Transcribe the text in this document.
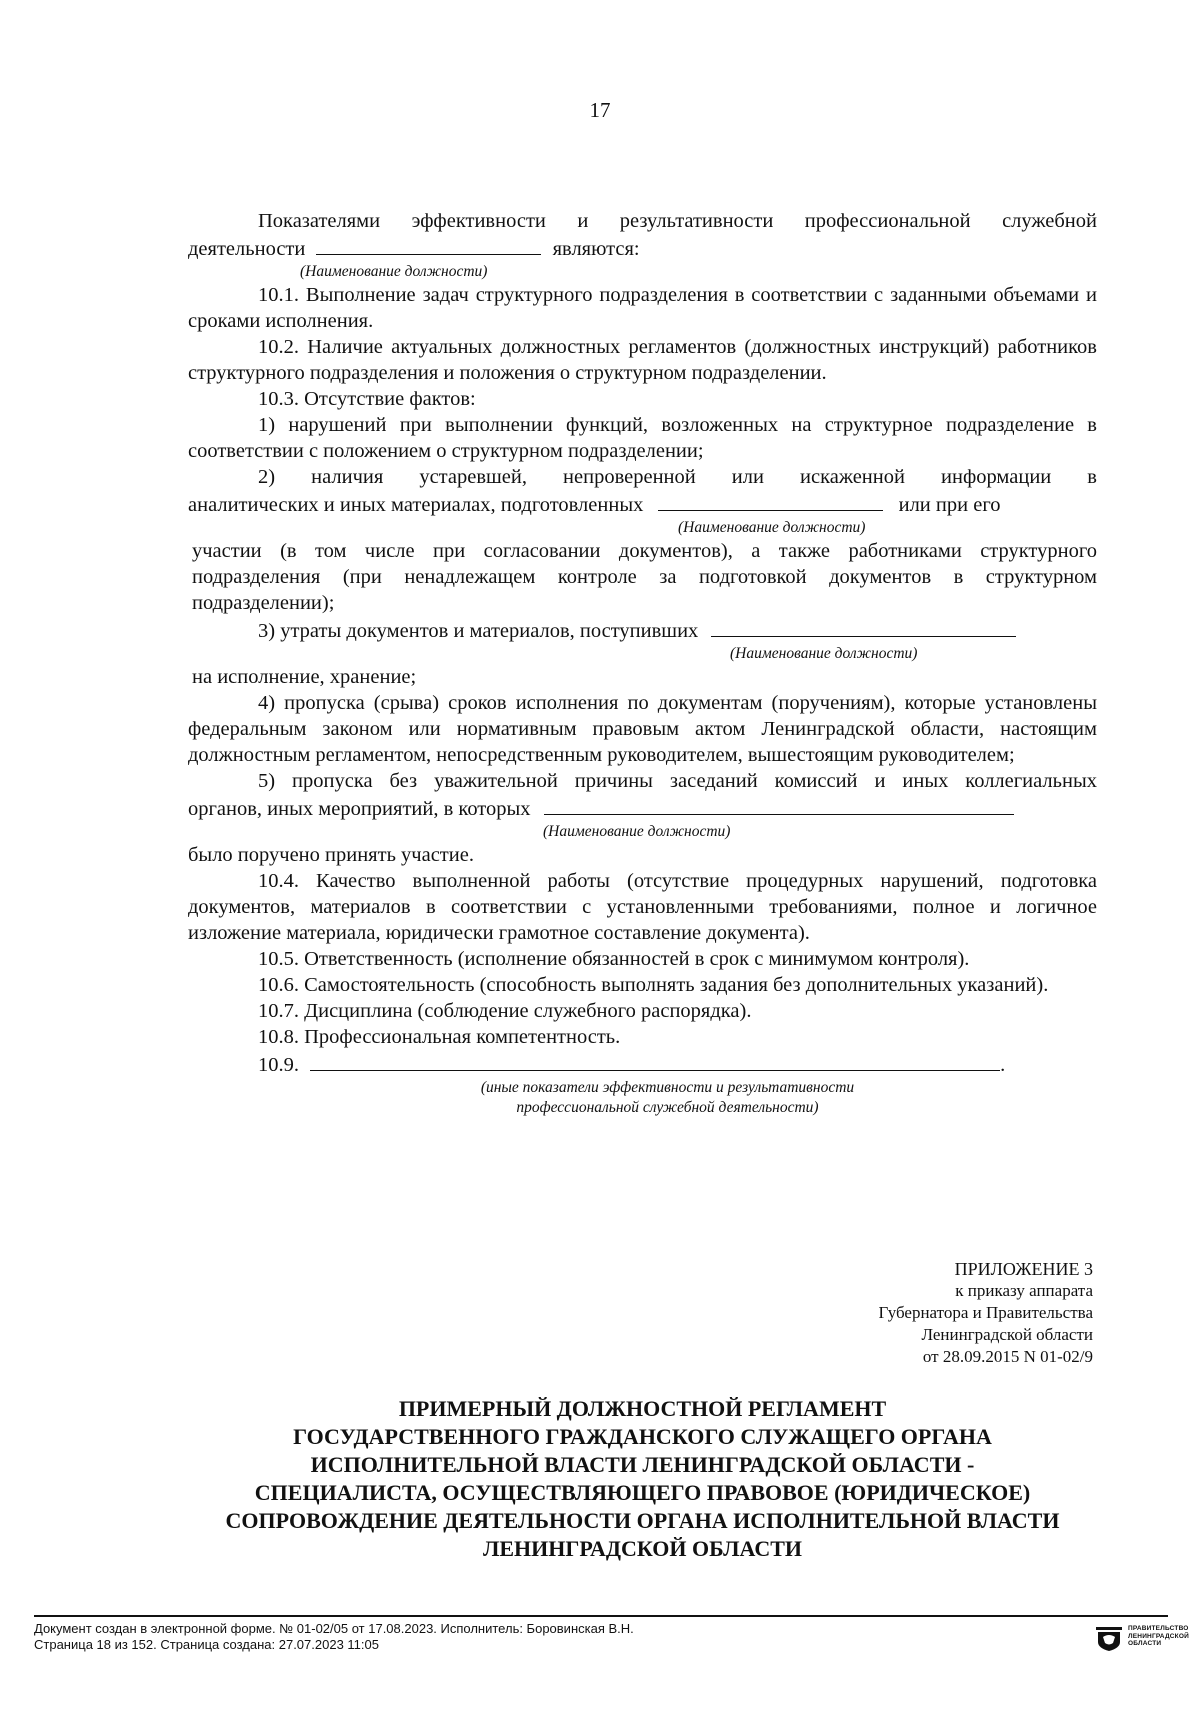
17

Показателями эффективности и результативности профессиональной служебной

деятельности	являются:

(Наименование должности)

10.1. Выполнение задач структурного подразделения в соответствии с заданными объемами и сроками исполнения.

10.2. Наличие актуальных должностных регламентов (должностных инструкций) работников структурного подразделения и положения о структурном подразделении.

10.3. Отсутствие фактов:

1) нарушений при выполнении функций, возложенных на структурное подразделение в соответствии с положением о структурном подразделении;

2) наличия устаревшей, непроверенной или искаженной информации в

аналитических и иных материалах, подготовленных	или при его

(Наименование должности)

участии (в том числе при согласовании документов), а также работниками структурного подразделения (при ненадлежащем контроле за подготовкой документов в структурном подразделении);

3) утраты документов и материалов, поступивших

(Наименование должности)

на исполнение, хранение;

4) пропуска (срыва) сроков исполнения по документам (поручениям), которые установлены федеральным законом или нормативным правовым актом Ленинградской области, настоящим должностным регламентом, непосредственным руководителем, вышестоящим руководителем;

5) пропуска без уважительной причины заседаний комиссий и иных коллегиальных

органов, иных мероприятий, в которых

(Наименование должности)

было поручено принять участие.

10.4. Качество выполненной работы (отсутствие процедурных нарушений, подготовка документов, материалов в соответствии с установленными требованиями, полное и логичное изложение материала, юридически грамотное составление документа).

10.5. Ответственность (исполнение обязанностей в срок с минимумом контроля).

10.6. Самостоятельность (способность выполнять задания без дополнительных указаний).

10.7. Дисциплина (соблюдение служебного распорядка).

10.8. Профессиональная компетентность.

10.9.	.

(иные показатели эффективности и результативности

профессиональной служебной деятельности)

ПРИЛОЖЕНИЕ 3
к приказу аппарата
Губернатора и Правительства
Ленинградской области
от 28.09.2015 N 01-02/9
ПРИМЕРНЫЙ ДОЛЖНОСТНОЙ РЕГЛАМЕНТ
ГОСУДАРСТВЕННОГО ГРАЖДАНСКОГО СЛУЖАЩЕГО ОРГАНА
ИСПОЛНИТЕЛЬНОЙ ВЛАСТИ ЛЕНИНГРАДСКОЙ ОБЛАСТИ -
СПЕЦИАЛИСТА, ОСУЩЕСТВЛЯЮЩЕГО ПРАВОВОЕ (ЮРИДИЧЕСКОЕ)
СОПРОВОЖДЕНИЕ ДЕЯТЕЛЬНОСТИ ОРГАНА ИСПОЛНИТЕЛЬНОЙ ВЛАСТИ
ЛЕНИНГРАДСКОЙ ОБЛАСТИ
Документ создан в электронной форме. № 01-02/05 от 17.08.2023. Исполнитель: Боровинская В.Н.
Страница 18 из 152. Страница создана: 27.07.2023 11:05
ПРАВИТЕЛЬСТВО
ЛЕНИНГРАДСКОЙ
ОБЛАСТИ
